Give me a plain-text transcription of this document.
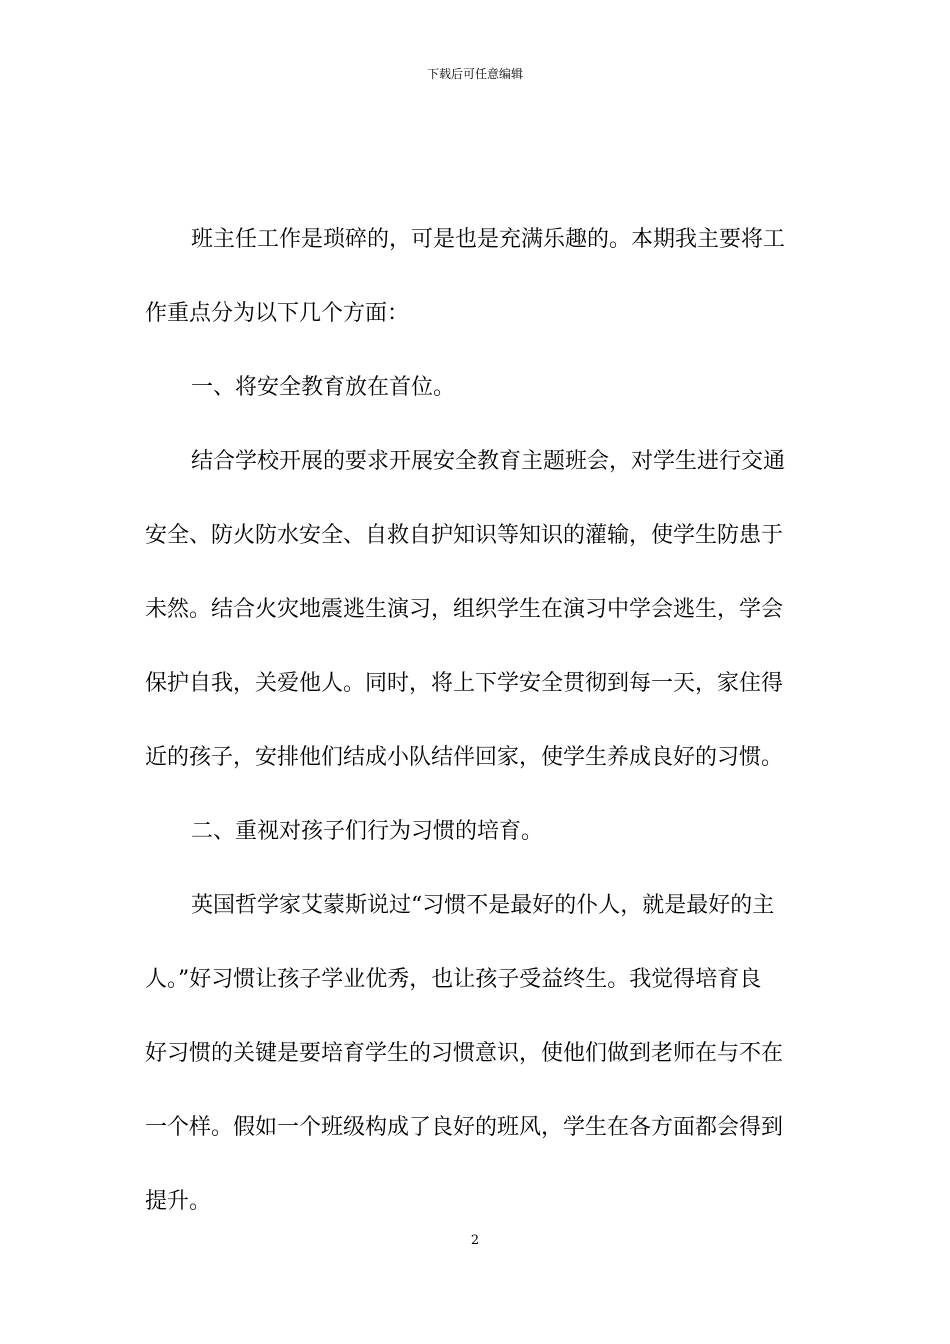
下载后可任意编辑
班主任工作是琐碎的，可是也是充满乐趣的。本期我主要将工
作重点分为以下几个方面：
一、将安全教育放在首位。
结合学校开展的要求开展安全教育主题班会，对学生进行交通
安全、防火防水安全、自救自护知识等知识的灌输，使学生防患于
未然。结合火灾地震逃生演习，组织学生在演习中学会逃生，学会
保护自我，关爱他人。同时，将上下学安全贯彻到每一天，家住得
近的孩子，安排他们结成小队结伴回家，使学生养成良好的习惯。
二、重视对孩子们行为习惯的培育。
英国哲学家艾蒙斯说过“习惯不是最好的仆人，就是最好的主
人。”好习惯让孩子学业优秀，也让孩子受益终生。我觉得培育良
好习惯的关键是要培育学生的习惯意识，使他们做到老师在与不在
一个样。假如一个班级构成了良好的班风，学生在各方面都会得到
提升。
2
